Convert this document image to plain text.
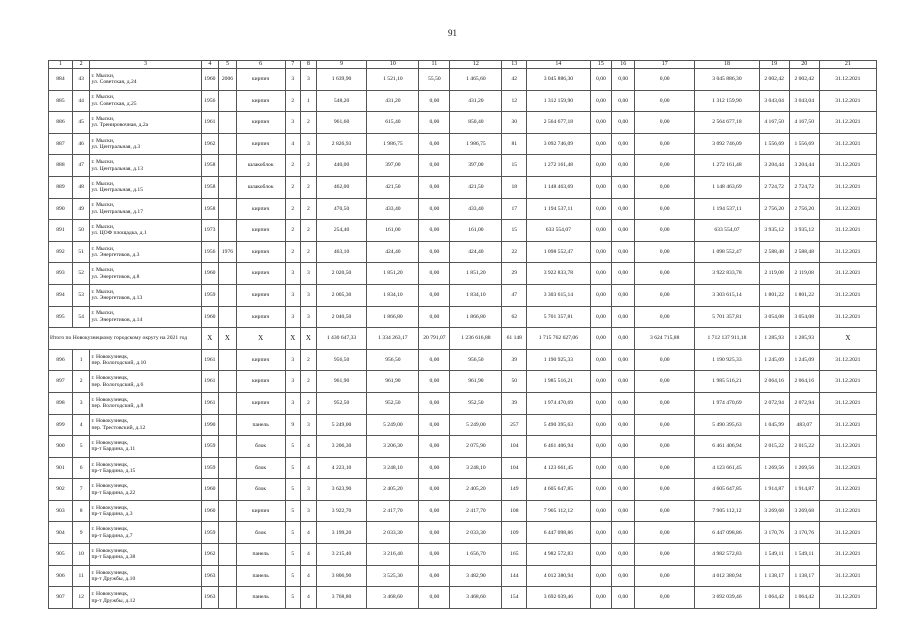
91
1	2	3	4	5	6	7	8	9	10	11	12	13	14	15	16	17	18	19	20	21
884	43	г. Мыски,
ул. Советская, д.24	1960	2006	кирпич	3	3	1 639,90	1 521,10	55,50	1 465,60	42	3 045 886,30	0,00	0,00	0,00	3 045 886,30	2 002,42	2 002,42	31.12.2021
885	44	г. Мыски,
ул. Советская, д.25	1956		кирпич	2	1	548,20	431,20	0,00	431,20	12	1 312 159,90	0,00	0,00	0,00	1 312 159,90	3 043,04	3 043,04	31.12.2021
886	45	г. Мыски,
ул. Тренировочная, д.2а	1961		кирпич	3	2	961,60	615,40	0,00	850,40	30	2 564 677,18	0,00	0,00	0,00	2 564 677,18	4 167,50	4 167,50	31.12.2021
887	46	г. Мыски,
ул. Центральная, д.3	1962		кирпич	4	3	2 826,93	1 986,75	0,00	1 986,75	81	3 092 746,09	0,00	0,00	0,00	3 092 746,09	1 556,69	1 556,69	31.12.2021
888	47	г. Мыски,
ул. Центральная, д.13	1958		шлакоблок	2	2	440,00	397,00	0,00	397,00	15	1 272 161,48	0,00	0,00	0,00	1 272 161,48	3 204,44	3 204,44	31.12.2021
889	48	г. Мыски,
ул. Центральная, д.15	1958		шлакоблок	2	2	462,00	421,50	0,00	421,50	18	1 148 463,69	0,00	0,00	0,00	1 148 463,69	2 724,72	2 724,72	31.12.2021
890	49	г. Мыски,
ул. Центральная, д.17	1958		кирпич	2	2	470,50	433,40	0,00	433,40	17	1 194 537,11	0,00	0,00	0,00	1 194 537,11	2 756,20	2 756,20	31.12.2021
891	50	г. Мыски,
ул. ЦОФ площадка, д.1	1973		кирпич	2	2	254,40	161,00	0,00	161,00	15	633 554,07	0,00	0,00	0,00	633 554,07	3 935,12	3 935,12	31.12.2021
892	51	г. Мыски,
ул. Энергетиков, д.3	1956	1976	кирпич	2	2	463,10	424,40	0,00	424,40	22	1 098 552,47	0,00	0,00	0,00	1 098 552,47	2 588,48	2 588,48	31.12.2021
893	52	г. Мыски,
ул. Энергетиков, д.8	1960		кирпич	3	3	2 020,50	1 851,20	0,00	1 851,20	29	3 922 833,78	0,00	0,00	0,00	3 922 833,78	2 119,08	2 119,08	31.12.2021
894	53	г. Мыски,
ул. Энергетиков, д.13	1959		кирпич	3	3	2 005,30	1 834,10	0,00	1 834,10	47	3 303 615,14	0,00	0,00	0,00	3 303 615,14	1 801,22	1 801,22	31.12.2021
895	54	г. Мыски,
ул. Энергетиков, д.14	1960		кирпич	3	3	2 040,50	1 866,80	0,00	1 866,80	62	5 701 357,81	0,00	0,00	0,00	5 701 357,81	3 054,08	3 054,08	31.12.2021
Итого по Новокузнецкому городскому округу на 2021 год			X	X	X	X	X	1 430 647,33	1 334 263,17	20 791,07	1 236 616,88	61 148	1 715 762 627,06	0,00	0,00	3 624 715,88	1 712 137 911,18	1 285,93	1 285,93	X
896	1	г. Новокузнецк,
пер. Вологодский, д.10	1961		кирпич	3	2	956,50	956,50	0,00	956,50	39	1 190 925,33	0,00	0,00	0,00	1 190 925,33	1 245,09	1 245,09	31.12.2021
897	2	г. Новокузнецк,
пер. Вологодский, д.6	1961		кирпич	3	2	961,90	961,90	0,00	961,90	50	1 985 516,21	0,00	0,00	0,00	1 985 516,21	2 064,16	2 064,16	31.12.2021
898	3	г. Новокузнецк,
пер. Вологодский, д.8	1961		кирпич	3	2	952,50	952,50	0,00	952,50	39	1 974 470,69	0,00	0,00	0,00	1 974 470,69	2 072,94	2 072,94	31.12.2021
899	4	г. Новокузнецк,
пер. Трестовский, д.12	1990		панель	9	3	5 249,00	5 249,00	0,00	5 249,00	257	5 490 395,63	0,00	0,00	0,00	5 490 395,63	1 045,99	483,07	31.12.2021
900	5	г. Новокузнецк,
пр-т Бардина, д.11	1959		блок	5	4	3 206,30	3 206,30	0,00	2 075,90	104	6 461 406,94	0,00	0,00	0,00	6 461 406,94	2 015,22	2 015,22	31.12.2021
901	6	г. Новокузнецк,
пр-т Бардина, д.15	1959		блок	5	4	4 223,10	3 248,10	0,00	3 248,10	104	4 123 661,45	0,00	0,00	0,00	4 123 661,45	1 269,56	1 269,56	31.12.2021
902	7	г. Новокузнецк,
пр-т Бардина, д.22	1960		блок	5	3	3 623,90	2 405,20	0,00	2 405,20	149	4 605 647,85	0,00	0,00	0,00	4 605 647,85	1 914,87	1 914,87	31.12.2021
903	8	г. Новокузнецк,
пр-т Бардина, д.3	1960		кирпич	5	3	3 922,70	2 417,70	0,00	2 417,70	108	7 905 112,12	0,00	0,00	0,00	7 905 112,12	3 269,68	3 269,68	31.12.2021
904	9	г. Новокузнецк,
пр-т Бардина, д.7	1959		блок	5	4	3 199,20	2 033,30	0,00	2 033,30	109	6 447 098,86	0,00	0,00	0,00	6 447 098,86	3 170,76	3 170,76	31.12.2021
905	10	г. Новокузнецк,
пр-т Бардина, д.38	1962		панель	5	4	3 215,40	3 216,40	0,00	1 656,70	165	4 982 572,83	0,00	0,00	0,00	4 982 572,83	1 549,11	1 549,11	31.12.2021
906	11	г. Новокузнецк,
пр-т Дружбы, д.10	1963		панель	5	4	3 806,90	3 525,30	0,00	3 482,90	144	4 012 380,94	0,00	0,00	0,00	4 012 380,94	1 138,17	1 138,17	31.12.2021
907	12	г. Новокузнецк,
пр-т Дружбы, д.12	1963		панель	5	4	3 768,80	3 468,60	0,00	3 468,60	154	3 692 039,46	0,00	0,00	0,00	3 692 039,46	1 064,42	1 064,42	31.12.2021
